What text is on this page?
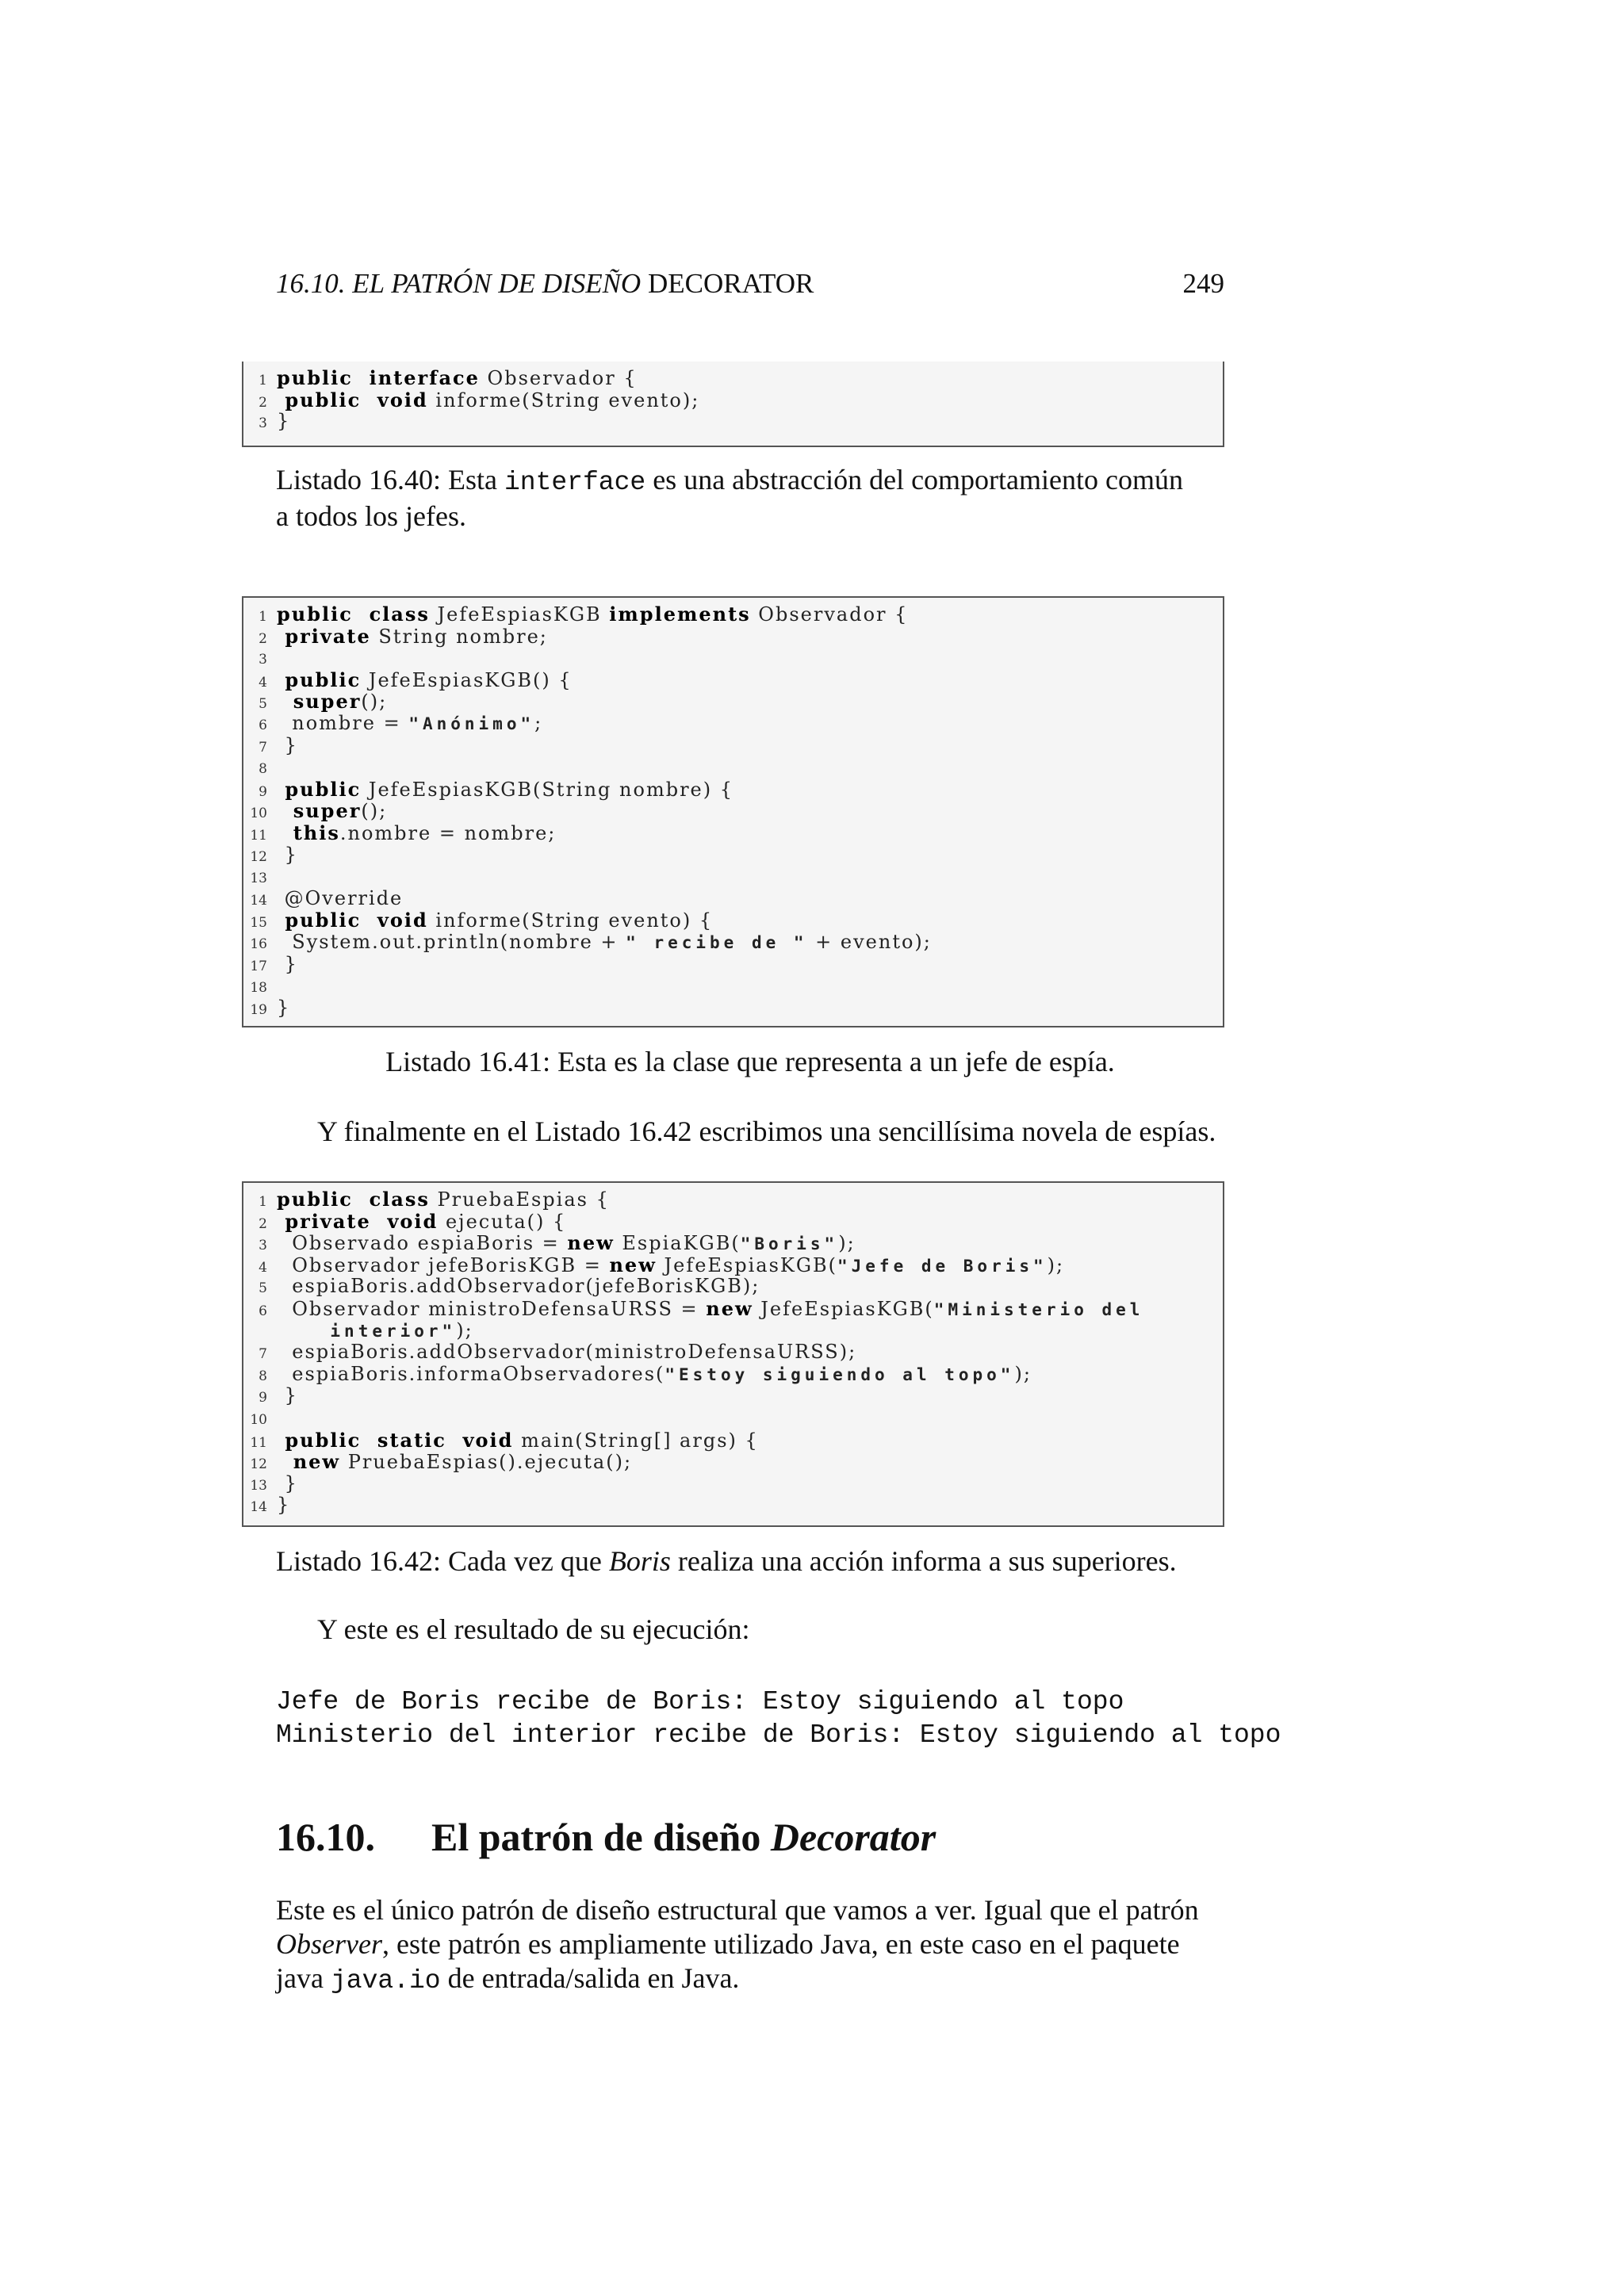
16.10. EL PATRÓN DE DISEÑO DECORATOR	249
1 public  interface Observador {
2 public  void informe(String evento);
3 }
Listado 16.40: Esta interface es una abstracción del comportamiento común
a todos los jefes.
1 public  class JefeEspiasKGB implements Observador {
2 private String nombre;
3
4 public JefeEspiasKGB() {
5  super();
6  nombre = "Anónimo";
7 }
8
9 public JefeEspiasKGB(String nombre) {
10  super();
11  this.nombre = nombre;
12 }
13
14 @Override
15 public  void informe(String evento) {
16  System.out.println(nombre + " recibe de " + evento);
17 }
18
19 }
Listado 16.41: Esta es la clase que representa a un jefe de espía.
Y finalmente en el Listado 16.42 escribimos una sencillísima novela de espías.
1 public  class PruebaEspias {
2 private  void ejecuta() {
3  Observado espiaBoris = new EspiaKGB("Boris");
4  Observador jefeBorisKGB = new JefeEspiasKGB("Jefe de Boris");
5  espiaBoris.addObservador(jefeBorisKGB);
6  Observador ministroDefensaURSS = new JefeEspiasKGB("Ministerio del
interior");
7  espiaBoris.addObservador(ministroDefensaURSS);
8  espiaBoris.informaObservadores("Estoy siguiendo al topo");
9 }
10
11 public  static  void main(String[] args) {
12  new PruebaEspias().ejecuta();
13 }
14 }
Listado 16.42: Cada vez que Boris realiza una acción informa a sus superiores.
Y este es el resultado de su ejecución:
Jefe de Boris recibe de Boris: Estoy siguiendo al topo
Ministerio del interior recibe de Boris: Estoy siguiendo al topo
16.10. El patrón de diseño Decorator
Este es el único patrón de diseño estructural que vamos a ver. Igual que el patrón
Observer, este patrón es ampliamente utilizado Java, en este caso en el paquete
java java.io de entrada/salida en Java.
